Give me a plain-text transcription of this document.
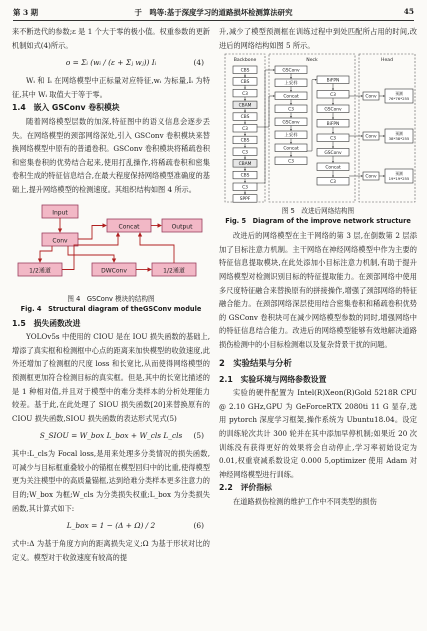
第 3 期	于　鸣等:基于深度学习的道路损坏检测算法研究	45

来不断迭代的参数;ε 是 1 个大于零的极小值。权重参数的更新机制如式(4)所示。

o = Σᵢ (wᵢ / (ε + Σⱼ wⱼ)) Iᵢ	(4)

Wᵢ 和 Iᵢ 在网络模型中正标量对应特征,wᵢ 为标量,Iᵢ 为特征,其中 Wᵢ 取值大于等于零。

1.4　嵌入 GSConv 卷积模块

随着网络模型层数的加深,特征图中的语义信息会逐步丢失。在网络模型的颈部网络深处,引入 GSConv 卷积模块来替换网络模型中原有的普通卷积。GSConv 卷积模块将稀疏卷积和密集卷积的优势结合起来,使用打乱操作,将稀疏卷积和密集卷积生成的特征信息结合,在最大程度保持网络模型准确度的基础上,提升网络模型的检测速度。其组织结构如图 4 所示。

Input
Conv
Concat	Output
1/2通道	DWConv	1/2通道

图 4　GSConv 模块的结构图

Fig. 4　Structural diagram of theGSConv module

1.5　损失函数改进

YOLOv5s 中使用的 CIOU 是在 IOU 损失函数的基础上,增添了真实框和检测框中心点的距离来加快模型的收敛速度,此外还增加了检测框的尺度 loss 和长宽比,从而使得网络模型的预测框更加符合检测目标的真实框。但是,其中的长宽比描述的是 1 种相对值,并且对于模型中的难分类样本的分析处理能力较差。基于此,在此处理了 SIOU 损失函数[20]来替换原有的 CIOU 损失函数,SIOU 损失函数的表达形式见式(5)

S_SIOU = W_box L_box + W_cls L_cls	(5)

其中:L_cls为 Focal loss,是用来处理多分类情况的损失函数,可减少与目标框重叠较小的锚框在模型回归中的比重,使得模型更为关注模型中的高质量锚框,达到给难分类样本更多注意力的目的;W_box 为框;W_cls 为分类损失权重;L_box 为分类损失函数,其计算式如下:

L_box = 1 − (Δ + Ω) / 2	(6)

式中:Δ 为基于角度方向的距离损失定义;Ω 为基于形状对比的定义。模型对于收敛速度有较高的提

升,减少了模型预测框在训练过程中到处匹配所占用的时间,改进后的网络结构如图 5 所示。

Backbone	Neck	Head
CBS
CBS
C3
CBAM
CBS
C3
CBS
C3
CBAM
CBS
C3
SPPF
GSConv
上采样
Concat
C3
GSConv
上采样
Concat
C3
BiFPN
C3
GSConv
BiFPN
C3
GSConv
Concat
C3
Conv
预测
76*76*255
Conv
预测
38*38*255
Conv
预测
19*19*255

图 5　改进后网络结构图

Fig. 5　Diagram of the improve network structure

改进后的网络模型在主干网络的第 3 层,在倒数第 2 层添加了目标注意力机制。主干网络在神经网络模型中作为主要的特征信息提取模块,在此处添加小目标注意力机制,有助于提升网络模型对检测识别目标的特征提取能力。在颈部网络中使用多尺度特征融合来替换原有的拼接操作,增强了颈部网络的特征融合能力。在颈部网络深层使用结合密集卷积和稀疏卷积优势的 GSConv 卷积块可在减少网络模型参数的同时,增强网络中的特征信息结合能力。改进后的网络模型能够有效地解决道路损伤检测中的小目标检测难以及复杂背景干扰的问题。

2　实验结果与分析

2.1　实验环境与网络参数设置

实验的硬件配置为 Intel(R)Xeon(R)Gold 5218R CPU @ 2.10 GHz,GPU 为 GeForceRTX 2080ti 11 G 显存,选用 pytorch 深度学习框架,操作系统为 Ubuntu18.04。设定的训练轮次共计 300 轮并在其中添加早停机制;如果近 20 次训练没有获得更好的效果将会自动停止,学习率初始设定为 0.01,权重衰减系数设定 0.000 5,optimizer 使用 Adam 对神经网络模型进行训练。

2.2　评价指标

在道路损伤检测的维护工作中不同类型的损伤
